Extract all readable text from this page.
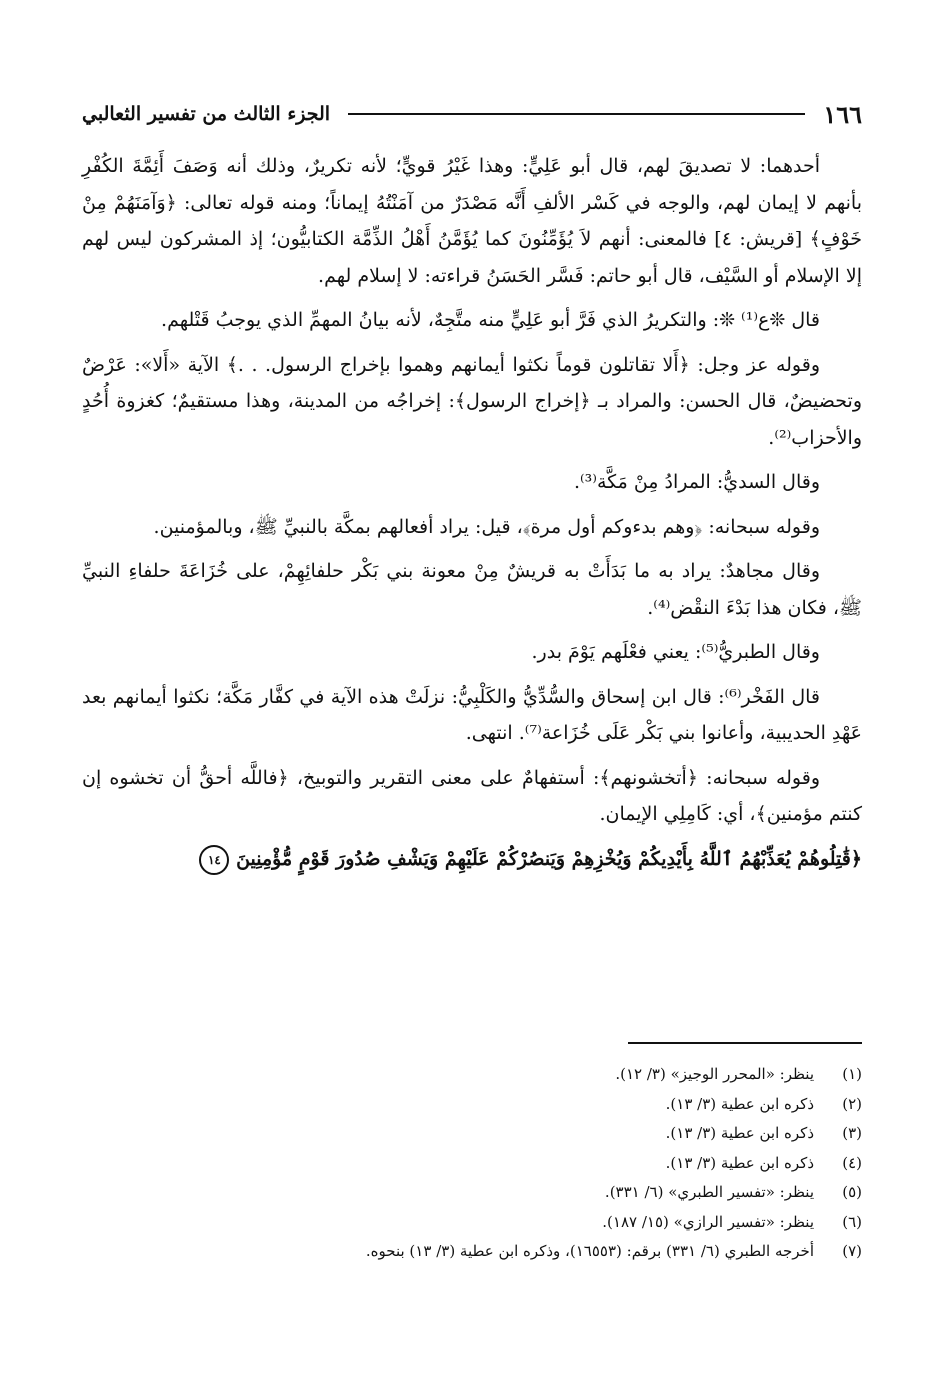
١٦٦
الجزء الثالث من تفسير الثعالبي

أحدهما: لا تصديقَ لهم، قال أبو عَلِيٍّ: وهذا غَيْرُ قويٍّ؛ لأنه تكريرٌ، وذلك أنه وَصَفَ أَئِمَّةَ الكُفْرِ بأنهم لا إيمان لهم، والوجه في كَسْر الألفِ أَنَّه مَصْدَرٌ من آمَنْتُهُ إيماناً؛ ومنه قوله تعالى: ﴿وَآمَنَهُمْ مِنْ خَوْفٍ﴾ [قريش: ٤] فالمعنى: أنهم لاَ يُؤَمِّنُونَ كما يُؤَمَّنُ أَهْلُ الذِّمَّة الكتابيُّون؛ إذ المشركون ليس لهم إلا الإسلام أو السَّيْف، قال أبو حاتم: فَسَّر الحَسَنُ قراءته: لا إسلام لهم.

قال ❊ع⁽¹⁾ ❊: والتكريرُ الذي فَرَّ أبو عَلِيٍّ منه متَّجِهٌ، لأنه بيانُ المهمِّ الذي يوجبُ قَتْلهم.

وقوله عز وجل: ﴿أَلا تقاتلون قوماً نكثوا أيمانهم وهموا بإخراج الرسول. . .﴾ الآية «أَلا»: عَرْضٌ وتحضيضٌ، قال الحسن: والمراد بـ ﴿إخراج الرسول﴾: إخراجُه من المدينة، وهذا مستقيمٌ؛ كغزوة أُحُدٍ والأحزاب⁽²⁾.

وقال السديُّ: المرادُ مِنْ مَكَّة⁽³⁾.

وقوله سبحانه: ﴿وهم بدءوكم أول مرة﴾، قيل: يراد أفعالهم بمكَّة بالنبيِّ ﷺ، وبالمؤمنين.

وقال مجاهدٌ: يراد به ما بَدَأَتْ به قريشٌ مِنْ معونة بني بَكْر حلفائِهِمْ، على خُزَاعَةَ حلفاءِ النبيِّ ﷺ، فكان هذا بَدْءَ النقْض⁽⁴⁾.

وقال الطبريُّ⁽⁵⁾: يعني فعْلَهم يَوْمَ بدر.

قال الفَخْر⁽⁶⁾: قال ابن إسحاق والسُّدِّيُّ والكَلْبِيُّ: نزلَتْ هذه الآية في كفَّار مَكَّة؛ نكثوا أيمانهم بعد عَهْدِ الحديبية، وأعانوا بني بَكْر عَلَى خُزَاعة⁽⁷⁾. انتهى.

وقوله سبحانه: ﴿أتخشونهم﴾: أستفهامٌ على معنى التقرير والتوبيخ، ﴿فاللَّه أحقُّ أن تخشوه إن كنتم مؤمنين﴾، أي: كَامِلِي الإيمان.

﴿قَٰتِلُوهُمْ يُعَذِّبْهُمُ ٱللَّهُ بِأَيْدِيكُمْ وَيُخْزِهِمْ وَيَنصُرْكُمْ عَلَيْهِمْ وَيَشْفِ صُدُورَ قَوْمٍ مُّؤْمِنِينَ ١٤
(١)
ينظر: «المحرر الوجيز» (٣/ ١٢).
(٢)
ذكره ابن عطية (٣/ ١٣).
(٣)
ذكره ابن عطية (٣/ ١٣).
(٤)
ذكره ابن عطية (٣/ ١٣).
(٥)
ينظر: «تفسير الطبري» (٦/ ٣٣١).
(٦)
ينظر: «تفسير الرازي» (١٥/ ١٨٧).
(٧)
أخرجه الطبري (٦/ ٣٣١) برقم: (١٦٥٥٣)، وذكره ابن عطية (٣/ ١٣) بنحوه.
